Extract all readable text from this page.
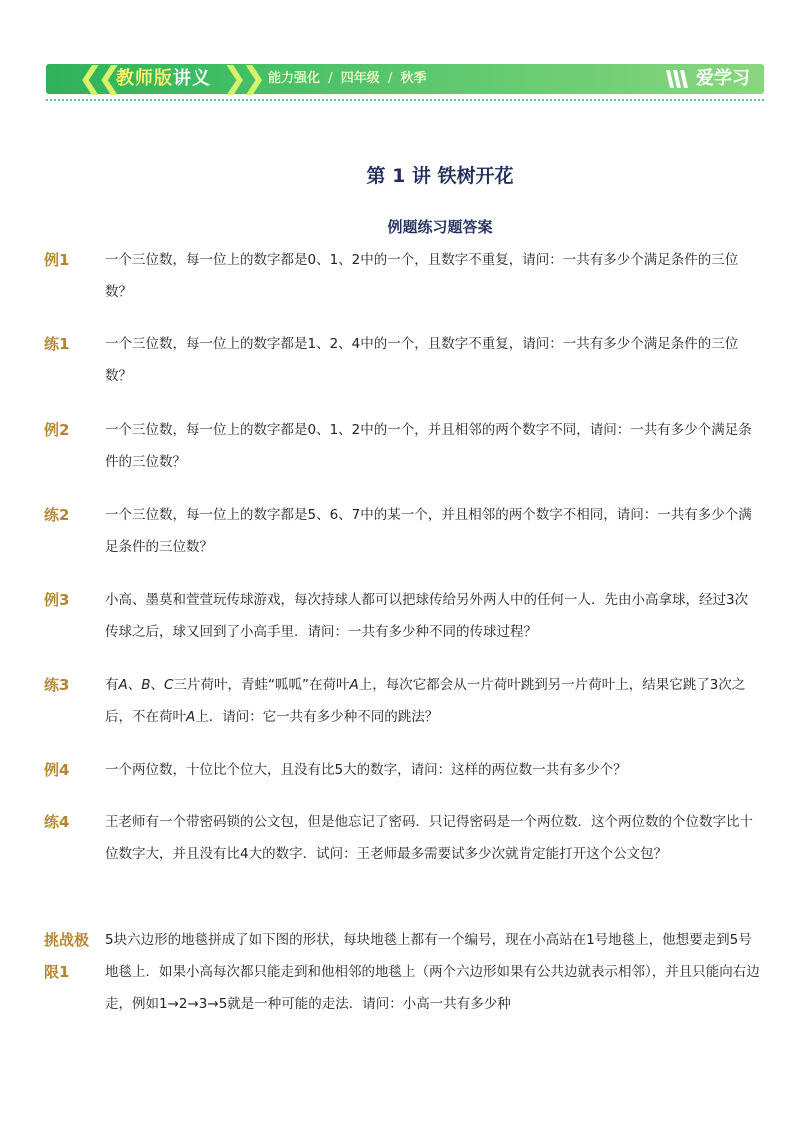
❮❮ 教师版讲义 ❯❯ 能力强化 / 四年级 / 秋季	爱学习
第 1 讲 铁树开花
例题练习题答案
例1	一个三位数，每一位上的数字都是0、1、2中的一个，且数字不重复，请问：一共有多少个满足条件的三位数？
练1	一个三位数，每一位上的数字都是1、2、4中的一个，且数字不重复，请问：一共有多少个满足条件的三位数？
例2	一个三位数，每一位上的数字都是0、1、2中的一个，并且相邻的两个数字不同，请问：一共有多少个满足条件的三位数？
练2	一个三位数，每一位上的数字都是5、6、7中的某一个，并且相邻的两个数字不相同，请问：一共有多少个满足条件的三位数？
例3	小高、墨莫和萱萱玩传球游戏，每次持球人都可以把球传给另外两人中的任何一人．先由小高拿球，经过3次传球之后，球又回到了小高手里．请问：一共有多少种不同的传球过程？
练3	有A、B、C三片荷叶，青蛙“呱呱”在荷叶A上，每次它都会从一片荷叶跳到另一片荷叶上，结果它跳了3次之后，不在荷叶A上．请问：它一共有多少种不同的跳法？
例4	一个两位数，十位比个位大，且没有比5大的数字，请问：这样的两位数一共有多少个？
练4	王老师有一个带密码锁的公文包，但是他忘记了密码．只记得密码是一个两位数．这个两位数的个位数字比十位数字大，并且没有比4大的数字．试问：王老师最多需要试多少次就肯定能打开这个公文包？
挑战极限1
5块六边形的地毯拼成了如下图的形状，每块地毯上都有一个编号，现在小高站在1号地毯上，他想要走到5号地毯上．如果小高每次都只能走到和他相邻的地毯上（两个六边形如果有公共边就表示相邻），并且只能向右边走，例如1→2→3→5就是一种可能的走法．请问：小高一共有多少种
